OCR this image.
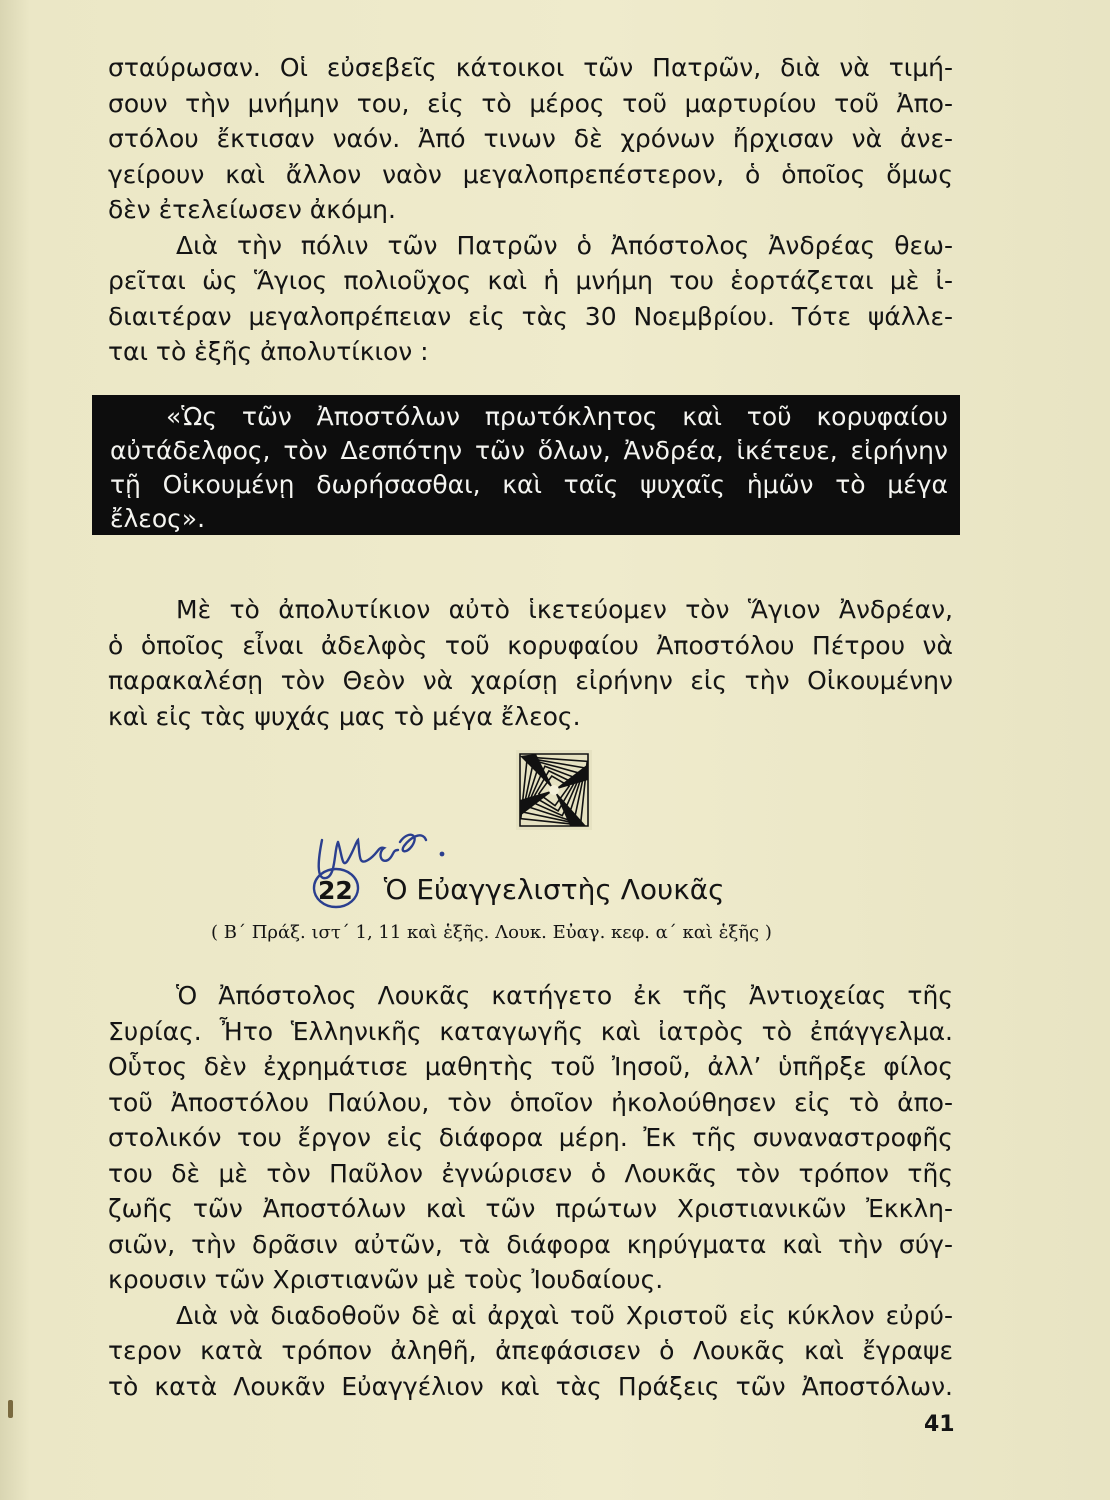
σταύρωσαν. Οἱ εὐσεβεῖς κάτοικοι τῶν Πατρῶν, διὰ νὰ τιμή-
σουν τὴν μνήμην του, εἰς τὸ μέρος τοῦ μαρτυρίου τοῦ Ἀπο-
στόλου ἔκτισαν ναόν. Ἀπό τινων δὲ χρόνων ἤρχισαν νὰ ἀνε-
γείρουν καὶ ἄλλον ναὸν μεγαλοπρεπέστερον, ὁ ὁποῖος ὅμως
δὲν ἐτελείωσεν ἀκόμη.

Διὰ τὴν πόλιν τῶν Πατρῶν ὁ Ἀπόστολος Ἀνδρέας θεω-
ρεῖται ὡς Ἅγιος πολιοῦχος καὶ ἡ μνήμη του ἑορτάζεται μὲ ἰ-
διαιτέραν μεγαλοπρέπειαν εἰς τὰς 30 Νοεμβρίου. Τότε ψάλλε-
ται τὸ ἑξῆς ἀπολυτίκιον :

«Ὡς τῶν Ἀποστόλων πρωτόκλητος καὶ τοῦ κορυφαίου
αὐτάδελφος, τὸν Δεσπότην τῶν ὅλων, Ἀνδρέα, ἱκέτευε, εἰρήνην
τῇ Οἰκουμένῃ δωρήσασθαι, καὶ ταῖς ψυχαῖς ἡμῶν τὸ μέγα
ἔλεος».
Μὲ τὸ ἀπολυτίκιον αὐτὸ ἱκετεύομεν τὸν Ἅγιον Ἀνδρέαν,
ὁ ὁποῖος εἶναι ἀδελφὸς τοῦ κορυφαίου Ἀποστόλου Πέτρου νὰ
παρακαλέσῃ τὸν Θεὸν νὰ χαρίσῃ εἰρήνην εἰς τὴν Οἰκουμένην
καὶ εἰς τὰς ψυχάς μας τὸ μέγα ἔλεος.
22 Ὁ Εὐαγγελιστὴς Λουκᾶς
( Β΄ Πράξ. ιστ΄ 1, 11 καὶ ἑξῆς. Λουκ. Εὐαγ. κεφ. α΄ καὶ ἑξῆς )

Ὁ Ἀπόστολος Λουκᾶς κατήγετο ἐκ τῆς Ἀντιοχείας τῆς
Συρίας. Ἦτο Ἑλληνικῆς καταγωγῆς καὶ ἰατρὸς τὸ ἐπάγγελμα.
Οὗτος δὲν ἐχρημάτισε μαθητὴς τοῦ Ἰησοῦ, ἀλλ’ ὑπῆρξε φίλος
τοῦ Ἀποστόλου Παύλου, τὸν ὁποῖον ἠκολούθησεν εἰς τὸ ἀπο-
στολικόν του ἔργον εἰς διάφορα μέρη. Ἐκ τῆς συναναστροφῆς
του δὲ μὲ τὸν Παῦλον ἐγνώρισεν ὁ Λουκᾶς τὸν τρόπον τῆς
ζωῆς τῶν Ἀποστόλων καὶ τῶν πρώτων Χριστιανικῶν Ἐκκλη-
σιῶν, τὴν δρᾶσιν αὐτῶν, τὰ διάφορα κηρύγματα καὶ τὴν σύγ-
κρουσιν τῶν Χριστιανῶν μὲ τοὺς Ἰουδαίους.

Διὰ νὰ διαδοθοῦν δὲ αἱ ἀρχαὶ τοῦ Χριστοῦ εἰς κύκλον εὐρύ-
τερον κατὰ τρόπον ἀληθῆ, ἀπεφάσισεν ὁ Λουκᾶς καὶ ἔγραψε
τὸ κατὰ Λουκᾶν Εὐαγγέλιον καὶ τὰς Πράξεις τῶν Ἀποστόλων.

41
